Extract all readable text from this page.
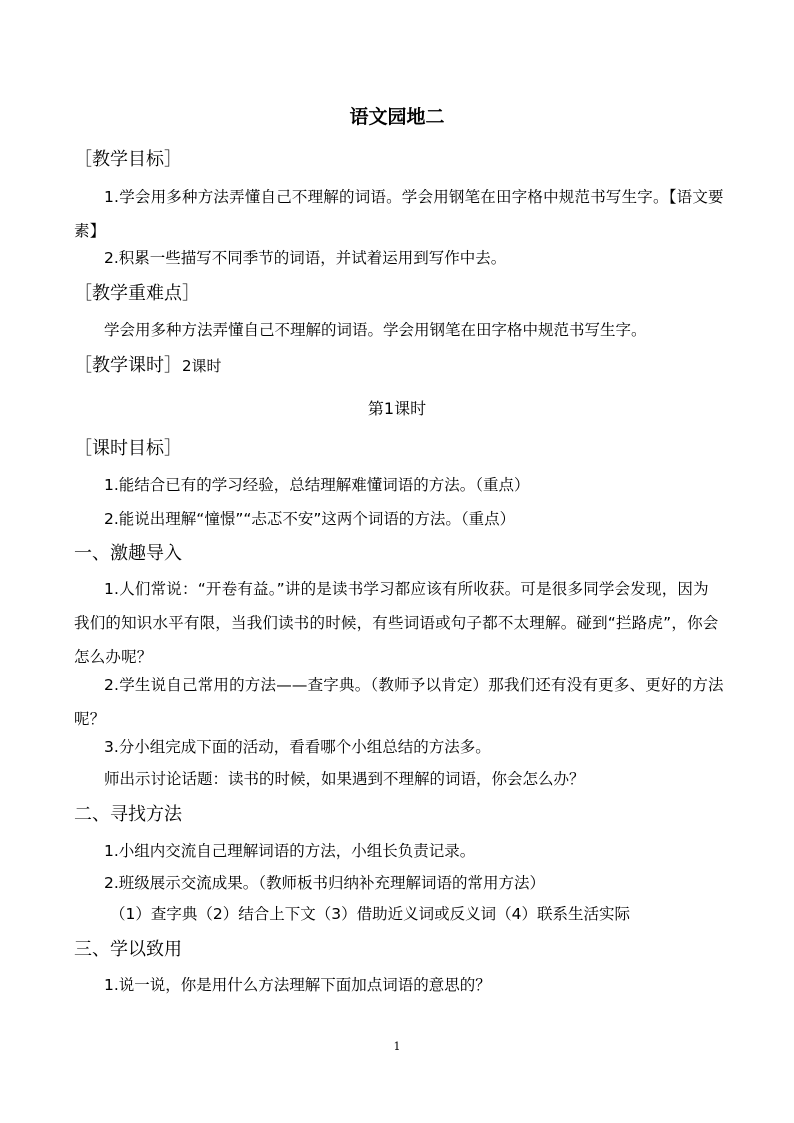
语文园地二
［教学目标］
1.学会用多种方法弄懂自己不理解的词语。学会用钢笔在田字格中规范书写生字。【语文要素】
2.积累一些描写不同季节的词语，并试着运用到写作中去。
［教学重难点］
学会用多种方法弄懂自己不理解的词语。学会用钢笔在田字格中规范书写生字。
［教学课时］2课时
第1课时
［课时目标］
1.能结合已有的学习经验，总结理解难懂词语的方法。（重点）
2.能说出理解“憧憬”“忐忑不安”这两个词语的方法。（重点）
一、激趣导入
1.人们常说：“开卷有益。”讲的是读书学习都应该有所收获。可是很多同学会发现，因为我们的知识水平有限，当我们读书的时候，有些词语或句子都不太理解。碰到“拦路虎”，你会怎么办呢？
2.学生说自己常用的方法——查字典。（教师予以肯定）那我们还有没有更多、更好的方法呢？
3.分小组完成下面的活动，看看哪个小组总结的方法多。
师出示讨论话题：读书的时候，如果遇到不理解的词语，你会怎么办？
二、寻找方法
1.小组内交流自己理解词语的方法，小组长负责记录。
2.班级展示交流成果。（教师板书归纳补充理解词语的常用方法）
（1）查字典（2）结合上下文（3）借助近义词或反义词（4）联系生活实际
三、学以致用
1.说一说，你是用什么方法理解下面加点词语的意思的？
1
